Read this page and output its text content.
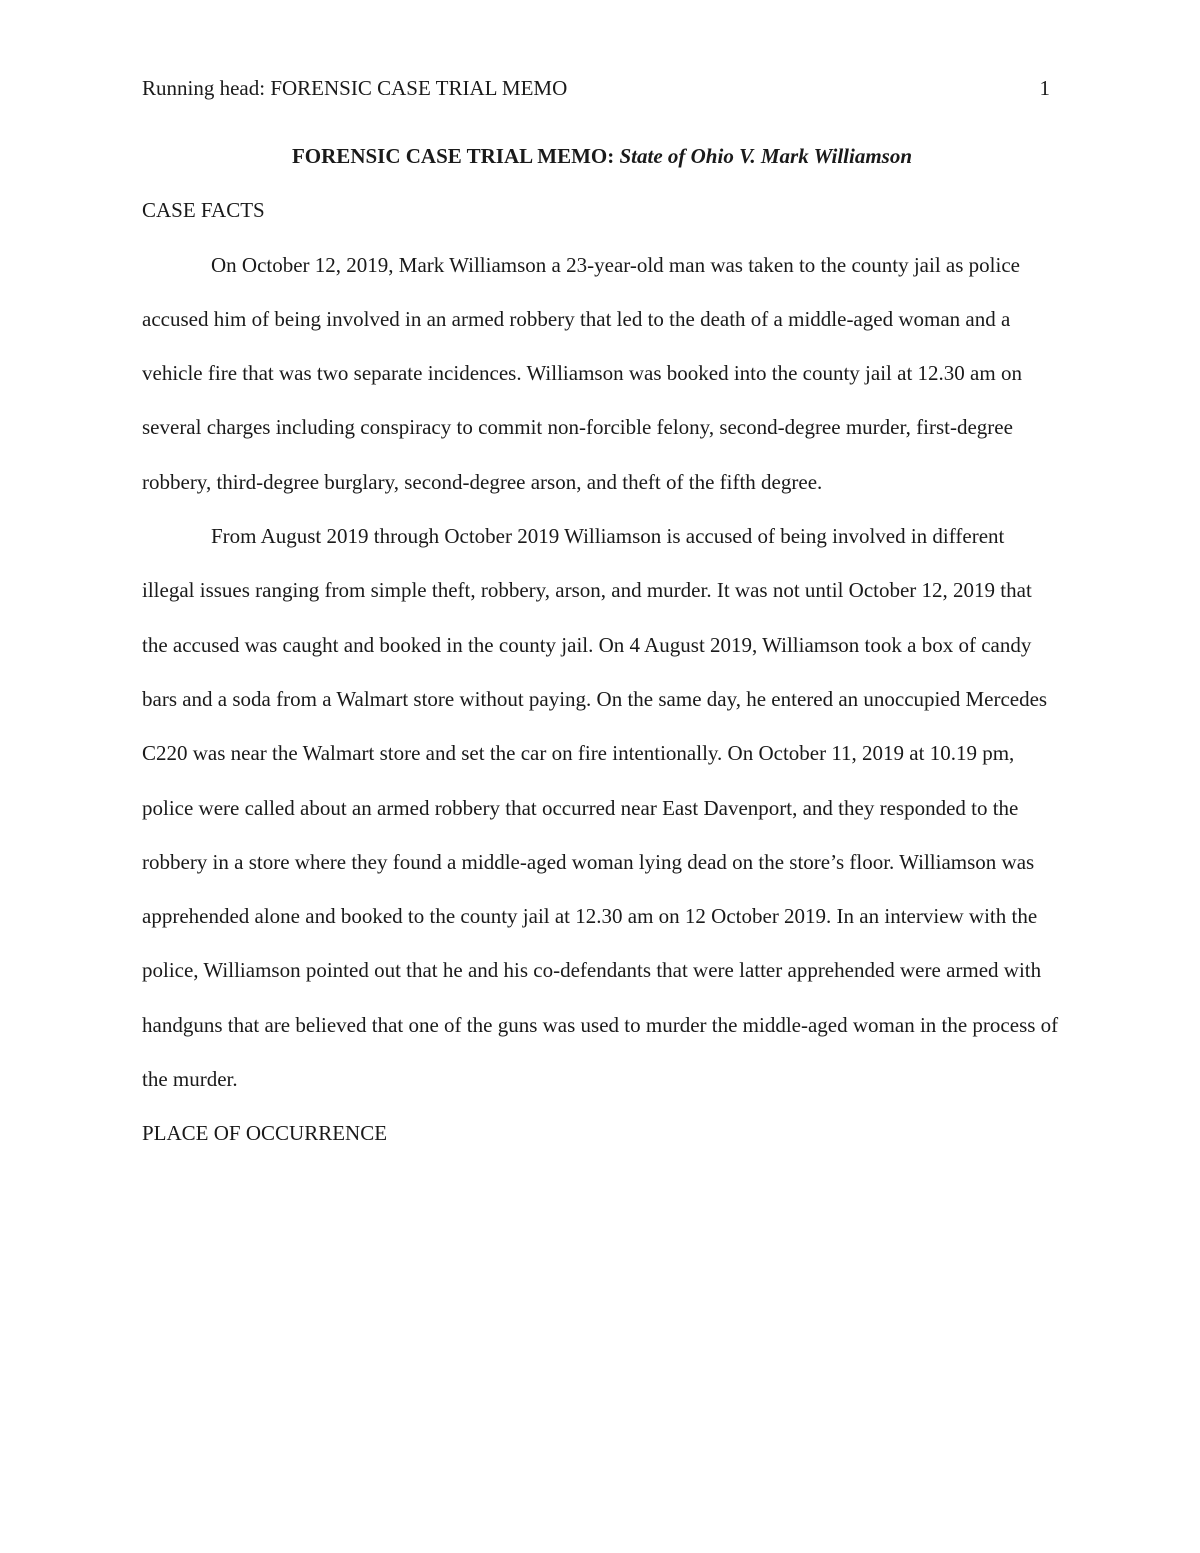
Running head: FORENSIC CASE TRIAL MEMO	1

FORENSIC CASE TRIAL MEMO: State of Ohio V. Mark Williamson

CASE FACTS

On October 12, 2019, Mark Williamson a 23-year-old man was taken to the county jail as police accused him of being involved in an armed robbery that led to the death of a middle-aged woman and a vehicle fire that was two separate incidences. Williamson was booked into the county jail at 12.30 am on several charges including conspiracy to commit non-forcible felony, second-degree murder, first-degree robbery, third-degree burglary, second-degree arson, and theft of the fifth degree.

From August 2019 through October 2019 Williamson is accused of being involved in different illegal issues ranging from simple theft, robbery, arson, and murder. It was not until October 12, 2019 that the accused was caught and booked in the county jail. On 4 August 2019, Williamson took a box of candy bars and a soda from a Walmart store without paying. On the same day, he entered an unoccupied Mercedes C220 was near the Walmart store and set the car on fire intentionally. On October 11, 2019 at 10.19 pm, police were called about an armed robbery that occurred near East Davenport, and they responded to the robbery in a store where they found a middle-aged woman lying dead on the store’s floor. Williamson was apprehended alone and booked to the county jail at 12.30 am on 12 October 2019. In an interview with the police, Williamson pointed out that he and his co-defendants that were latter apprehended were armed with handguns that are believed that one of the guns was used to murder the middle-aged woman in the process of the murder.

PLACE OF OCCURRENCE
